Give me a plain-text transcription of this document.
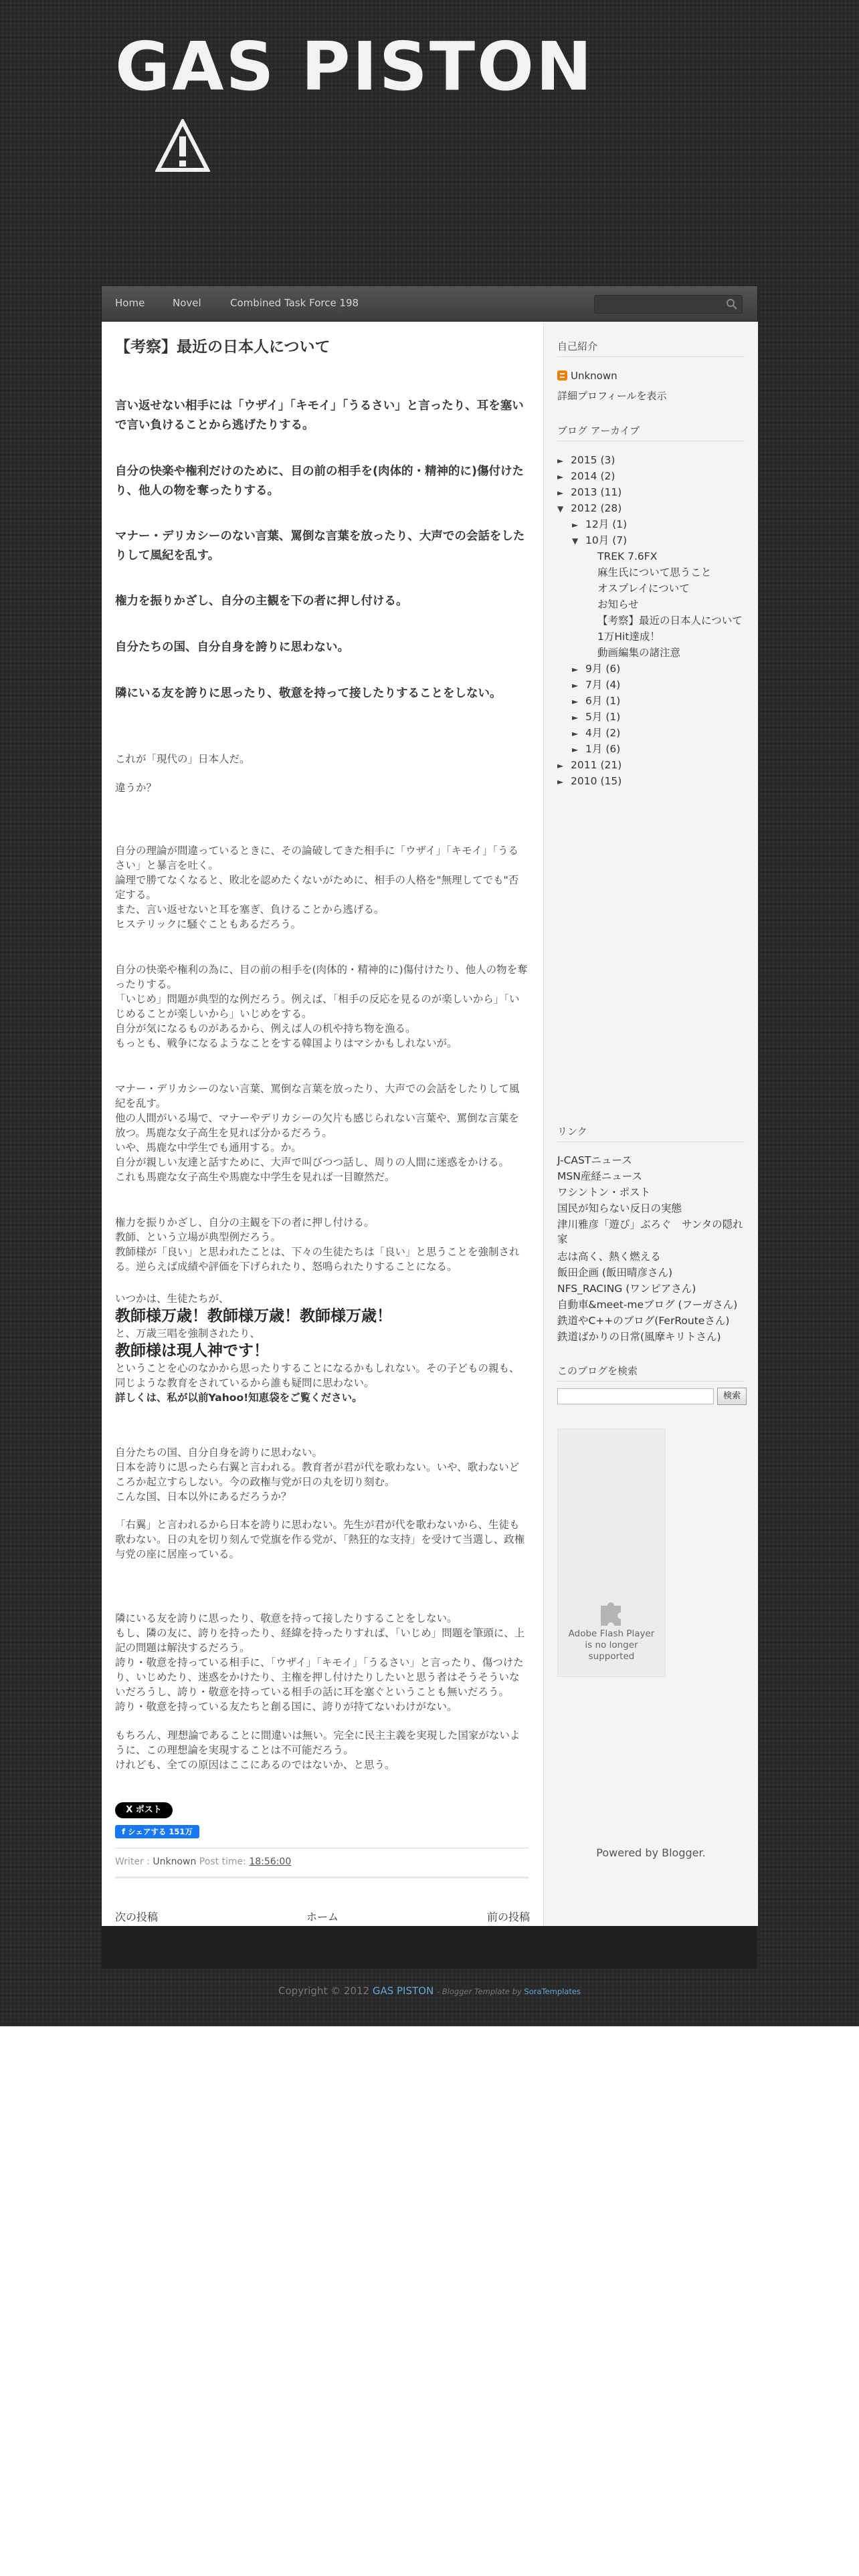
GAS PISTON
Home	Novel	Combined Task Force 198
【考察】最近の日本人について

言い返せない相手には「ウザイ」「キモイ」「うるさい」と言ったり、耳を塞いで言い負けることから逃げたりする。

自分の快楽や権利だけのために、目の前の相手を(肉体的・精神的に)傷付けたり、他人の物を奪ったりする。

マナー・デリカシーのない言葉、罵倒な言葉を放ったり、大声での会話をしたりして風紀を乱す。

権力を振りかざし、自分の主観を下の者に押し付ける。

自分たちの国、自分自身を誇りに思わない。

隣にいる友を誇りに思ったり、敬意を持って接したりすることをしない。

これが「現代の」日本人だ。

違うか？

自分の理論が間違っているときに、その論破してきた相手に「ウザイ」「キモイ」「うるさい」と暴言を吐く。

論理で勝てなくなると、敗北を認めたくないがために、相手の人格を"無理してでも"否定する。

また、言い返せないと耳を塞ぎ、負けることから逃げる。

ヒステリックに騒ぐこともあるだろう。

自分の快楽や権利の為に、目の前の相手を(肉体的・精神的に)傷付けたり、他人の物を奪ったりする。

「いじめ」問題が典型的な例だろう。例えば、「相手の反応を見るのが楽しいから」「いじめることが楽しいから」いじめをする。

自分が気になるものがあるから、例えば人の机や持ち物を漁る。

もっとも、戦争になるようなことをする韓国よりはマシかもしれないが。

マナー・デリカシーのない言葉、罵倒な言葉を放ったり、大声での会話をしたりして風紀を乱す。

他の人間がいる場で、マナーやデリカシーの欠片も感じられない言葉や、罵倒な言葉を放つ。馬鹿な女子高生を見れば分かるだろう。

いや、馬鹿な中学生でも通用する。か。

自分が親しい友達と話すために、大声で叫びつつ話し、周りの人間に迷惑をかける。

これも馬鹿な女子高生や馬鹿な中学生を見れば一目瞭然だ。

権力を振りかざし、自分の主観を下の者に押し付ける。

教師、という立場が典型例だろう。

教師様が「良い」と思われたことは、下々の生徒たちは「良い」と思うことを強制される。逆らえば成績や評価を下げられたり、怒鳴られたりすることになる。

いつかは、生徒たちが、

教師様万歳！教師様万歳！教師様万歳！

と、万歳三唱を強制されたり、

教師様は現人神です！

ということを心のなかから思ったりすることになるかもしれない。その子どもの親も、同じような教育をされているから誰も疑問に思わない。

詳しくは、私が以前Yahoo!知恵袋をご覧ください。

自分たちの国、自分自身を誇りに思わない。

日本を誇りに思ったら右翼と言われる。教育者が君が代を歌わない。いや、歌わないどころか起立すらしない。今の政権与党が日の丸を切り刻む。

こんな国、日本以外にあるだろうか？

「右翼」と言われるから日本を誇りに思わない。先生が君が代を歌わないから、生徒も歌わない。日の丸を切り刻んで党旗を作る党が、「熱狂的な支持」を受けて当選し、政権与党の座に居座っている。

隣にいる友を誇りに思ったり、敬意を持って接したりすることをしない。

もし、隣の友に、誇りを持ったり、経緯を持ったりすれば、「いじめ」問題を筆頭に、上記の問題は解決するだろう。

誇り・敬意を持っている相手に、「ウザイ」「キモイ」「うるさい」と言ったり、傷つけたり、いじめたり、迷惑をかけたり、主権を押し付けたりしたいと思う者はそうそういないだろうし、誇り・敬意を持っている相手の話に耳を塞ぐということも無いだろう。

誇り・敬意を持っている友たちと創る国に、誇りが持てないわけがない。

もちろん、理想論であることに間違いは無い。完全に民主主義を実現した国家がないように、この理想論を実現することは不可能だろう。

けれども、全ての原因はここにあるのではないか、と思う。

X ポスト
f シェアする 151万
Writer : Unknown Post time: 18:56:00
次の投稿	ホーム	前の投稿
自己紹介
Unknown
詳細プロフィールを表示
ブログ アーカイブ
► 2015 (3)
► 2014 (2)
► 2013 (11)
▼ 2012 (28)
► 12月 (1)
▼ 10月 (7)
TREK 7.6FX
麻生氏について思うこと
オスプレイについて
お知らせ
【考察】最近の日本人について
1万Hit達成！
動画編集の諸注意
► 9月 (6)
► 7月 (4)
► 6月 (1)
► 5月 (1)
► 4月 (2)
► 1月 (6)
► 2011 (21)
► 2010 (15)
リンク
J-CASTニュース
MSN産経ニュース
ワシントン・ポスト
国民が知らない反日の実態
津川雅彦「遊び」ぶろぐ　サンタの隠れ家
志は高く、熱く燃える
飯田企画 (飯田晴彦さん)
NFS_RACING (ワンピアさん)
自動車&meet-meブログ (フーガさん)
鉄道やC++のブログ(FerRouteさん)
鉄道ばかりの日常(風摩キリトさん)
このブログを検索
検索
Adobe Flash Player
is no longer
supported
Powered by Blogger.
Copyright © 2012 GAS PISTON - Blogger Template by SoraTemplates
